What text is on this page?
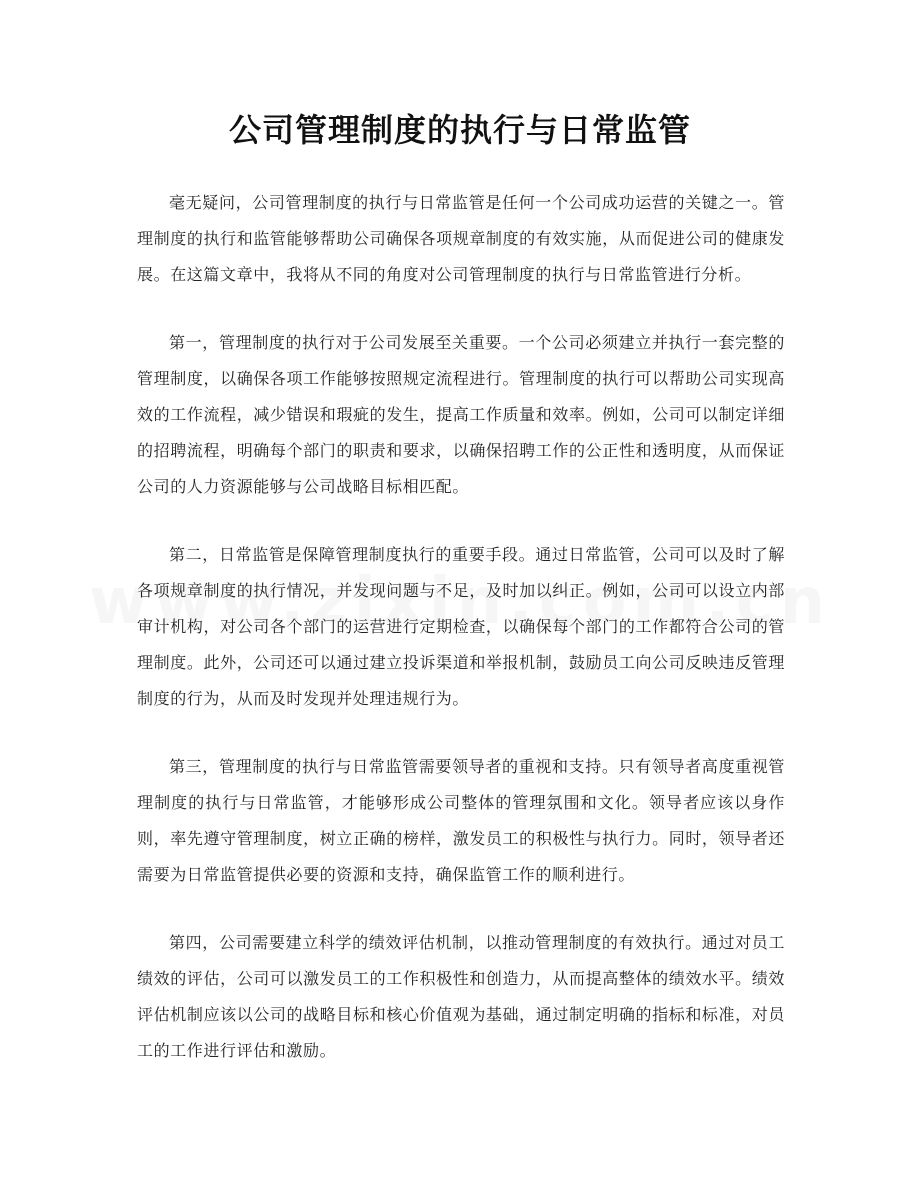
公司管理制度的执行与日常监管

毫无疑问，公司管理制度的执行与日常监管是任何一个公司成功运营的关键之一。管理制度的执行和监管能够帮助公司确保各项规章制度的有效实施，从而促进公司的健康发展。在这篇文章中，我将从不同的角度对公司管理制度的执行与日常监管进行分析。

第一，管理制度的执行对于公司发展至关重要。一个公司必须建立并执行一套完整的管理制度，以确保各项工作能够按照规定流程进行。管理制度的执行可以帮助公司实现高效的工作流程，减少错误和瑕疵的发生，提高工作质量和效率。例如，公司可以制定详细的招聘流程，明确每个部门的职责和要求，以确保招聘工作的公正性和透明度，从而保证公司的人力资源能够与公司战略目标相匹配。

第二，日常监管是保障管理制度执行的重要手段。通过日常监管，公司可以及时了解各项规章制度的执行情况，并发现问题与不足，及时加以纠正。例如，公司可以设立内部审计机构，对公司各个部门的运营进行定期检查，以确保每个部门的工作都符合公司的管理制度。此外，公司还可以通过建立投诉渠道和举报机制，鼓励员工向公司反映违反管理制度的行为，从而及时发现并处理违规行为。

第三，管理制度的执行与日常监管需要领导者的重视和支持。只有领导者高度重视管理制度的执行与日常监管，才能够形成公司整体的管理氛围和文化。领导者应该以身作则，率先遵守管理制度，树立正确的榜样，激发员工的积极性与执行力。同时，领导者还需要为日常监管提供必要的资源和支持，确保监管工作的顺利进行。

第四，公司需要建立科学的绩效评估机制，以推动管理制度的有效执行。通过对员工绩效的评估，公司可以激发员工的工作积极性和创造力，从而提高整体的绩效水平。绩效评估机制应该以公司的战略目标和核心价值观为基础，通过制定明确的指标和标准，对员工的工作进行评估和激励。
